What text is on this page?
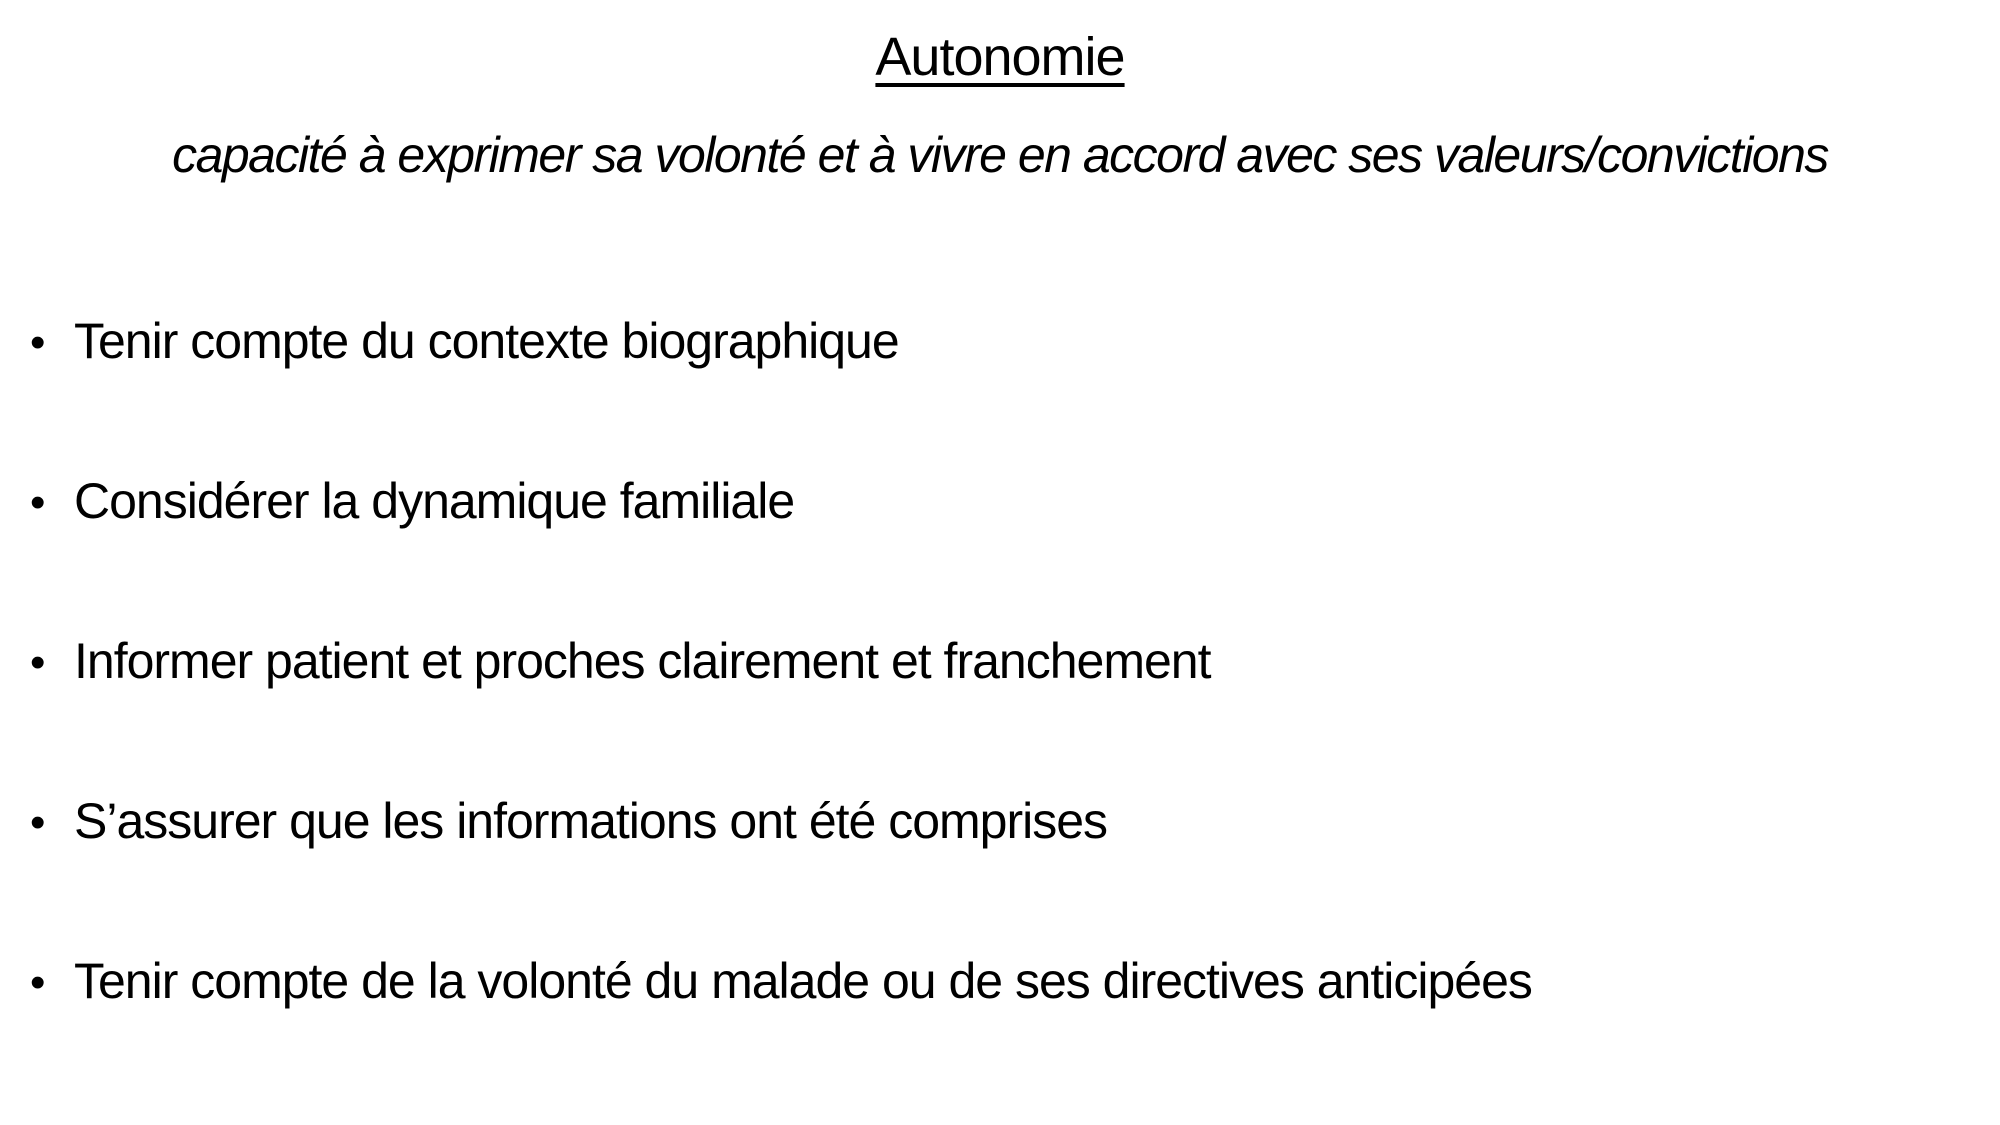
Autonomie
capacité à exprimer sa volonté et à vivre en accord avec ses valeurs/convictions
• Tenir compte du contexte biographique
• Considérer la dynamique familiale
• Informer patient et proches clairement et franchement
• S’assurer que les informations ont été comprises
• Tenir compte de la volonté du malade ou de ses directives anticipées
